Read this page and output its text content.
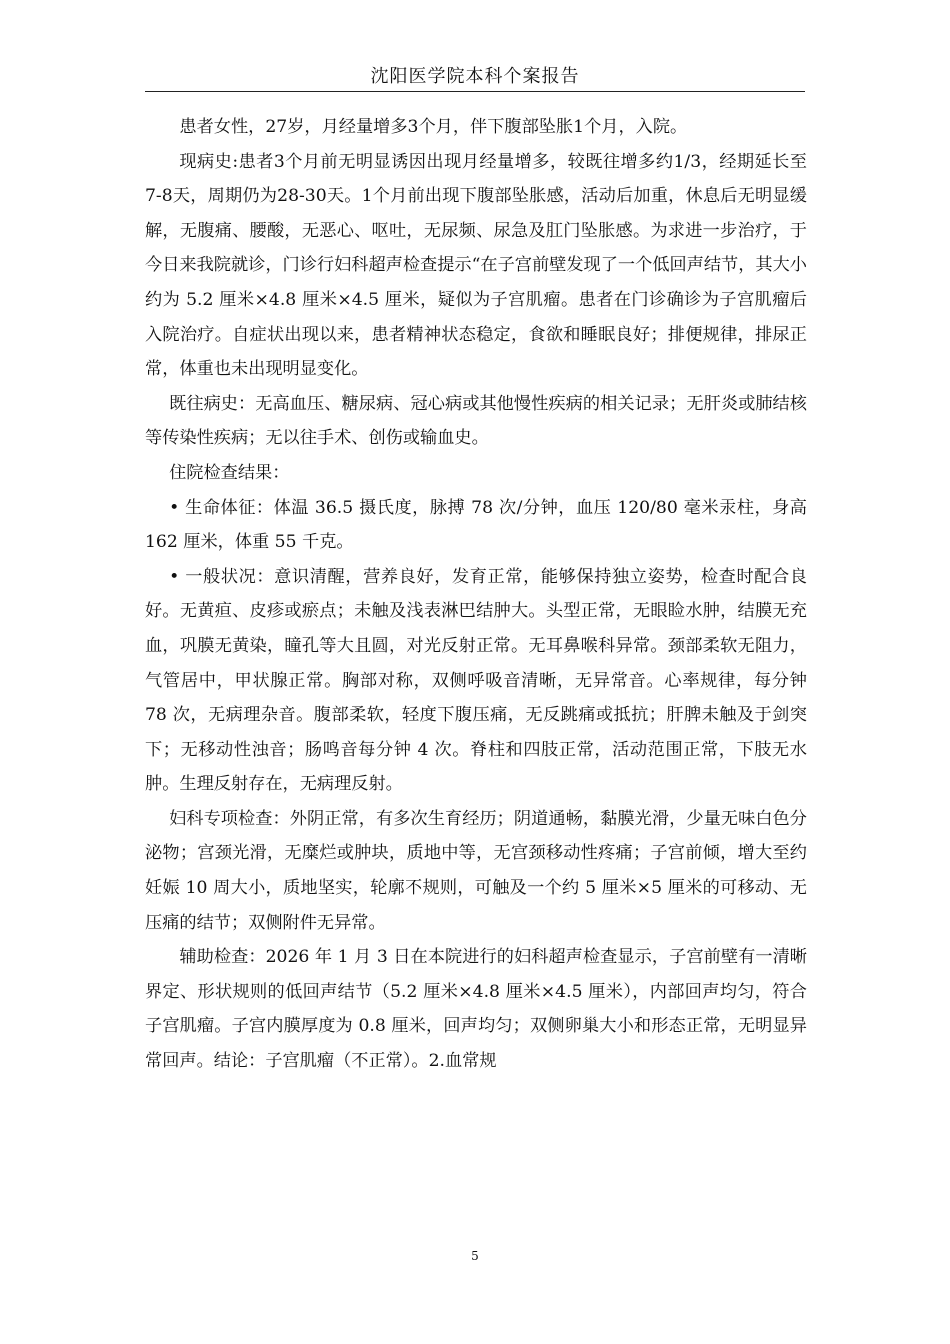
沈阳医学院本科个案报告

患者女性，27岁，月经量增多3个月，伴下腹部坠胀1个月，入院。

现病史:患者3个月前无明显诱因出现月经量增多，较既往增多约1/3，经期延长至7-8天，周期仍为28-30天。1个月前出现下腹部坠胀感，活动后加重，休息后无明显缓解，无腹痛、腰酸，无恶心、呕吐，无尿频、尿急及肛门坠胀感。为求进一步治疗，于今日来我院就诊，门诊行妇科超声检查提示“在子宫前壁发现了一个低回声结节，其大小约为 5.2 厘米×4.8 厘米×4.5 厘米，疑似为子宫肌瘤。患者在门诊确诊为子宫肌瘤后入院治疗。自症状出现以来，患者精神状态稳定，食欲和睡眠良好；排便规律，排尿正常，体重也未出现明显变化。

既往病史：无高血压、糖尿病、冠心病或其他慢性疾病的相关记录；无肝炎或肺结核等传染性疾病；无以往手术、创伤或输血史。

住院检查结果：

• 生命体征：体温 36.5 摄氏度，脉搏 78 次/分钟，血压 120/80 毫米汞柱，身高 162 厘米，体重 55 千克。

• 一般状况：意识清醒，营养良好，发育正常，能够保持独立姿势，检查时配合良好。无黄疸、皮疹或瘀点；未触及浅表淋巴结肿大。头型正常，无眼睑水肿，结膜无充血，巩膜无黄染，瞳孔等大且圆，对光反射正常。无耳鼻喉科异常。颈部柔软无阻力，气管居中，甲状腺正常。胸部对称，双侧呼吸音清晰，无异常音。心率规律，每分钟 78 次，无病理杂音。腹部柔软，轻度下腹压痛，无反跳痛或抵抗；肝脾未触及于剑突下；无移动性浊音；肠鸣音每分钟 4 次。脊柱和四肢正常，活动范围正常，下肢无水肿。生理反射存在，无病理反射。

妇科专项检查：外阴正常，有多次生育经历；阴道通畅，黏膜光滑，少量无味白色分泌物；宫颈光滑，无糜烂或肿块，质地中等，无宫颈移动性疼痛；子宫前倾，增大至约妊娠 10 周大小，质地坚实，轮廓不规则，可触及一个约 5 厘米×5 厘米的可移动、无压痛的结节；双侧附件无异常。

辅助检查：2026 年 1 月 3 日在本院进行的妇科超声检查显示，子宫前壁有一清晰界定、形状规则的低回声结节（5.2 厘米×4.8 厘米×4.5 厘米），内部回声均匀，符合子宫肌瘤。子宫内膜厚度为 0.8 厘米，回声均匀；双侧卵巢大小和形态正常，无明显异常回声。结论：子宫肌瘤（不正常）。2.血常规

5
